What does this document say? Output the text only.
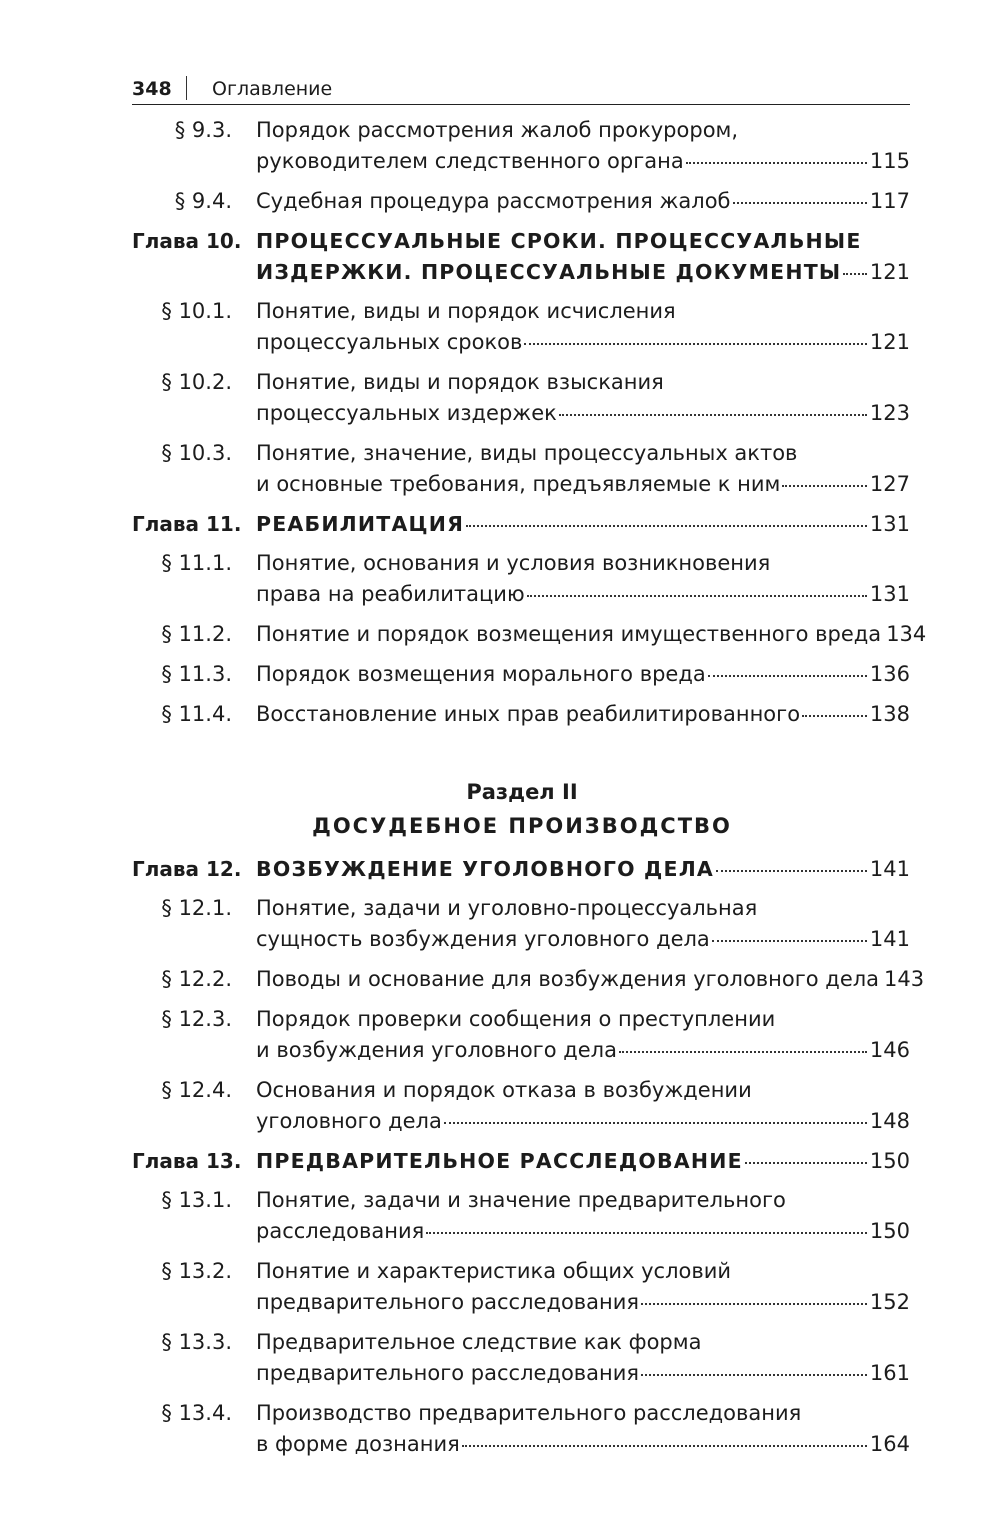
348 Оглавление
§ 9.3. Порядок рассмотрения жалоб прокурором,
руководителем следственного органа	115
§ 9.4. Судебная процедура рассмотрения жалоб	117
Глава 10. ПРОЦЕССУАЛЬНЫЕ СРОКИ. ПРОЦЕССУАЛЬНЫЕ
ИЗДЕРЖКИ. ПРОЦЕССУАЛЬНЫЕ ДОКУМЕНТЫ 121
§ 10.1. Понятие, виды и порядок исчисления
процессуальных сроков	121
§ 10.2. Понятие, виды и порядок взыскания
процессуальных издержек	123
§ 10.3. Понятие, значение, виды процессуальных актов
и основные требования, предъявляемые к ним	127
Глава 11. РЕАБИЛИТАЦИЯ	131
§ 11.1. Понятие, основания и условия возникновения
права на реабилитацию	131
§ 11.2. Понятие и порядок возмещения имущественного вреда 134
§ 11.3. Порядок возмещения морального вреда	136
§ 11.4. Восстановление иных прав реабилитированного	138
Раздел II
ДОСУДЕБНОЕ ПРОИЗВОДСТВО
Глава 12. ВОЗБУЖДЕНИЕ УГОЛОВНОГО ДЕЛА	141
§ 12.1. Понятие, задачи и уголовно-процессуальная
сущность возбуждения уголовного дела	141
§ 12.2. Поводы и основание для возбуждения уголовного дела 143
§ 12.3. Порядок проверки сообщения о преступлении
и возбуждения уголовного дела	146
§ 12.4. Основания и порядок отказа в возбуждении
уголовного дела	148
Глава 13. ПРЕДВАРИТЕЛЬНОЕ РАССЛЕДОВАНИЕ	150
§ 13.1. Понятие, задачи и значение предварительного
расследования	150
§ 13.2. Понятие и характеристика общих условий
предварительного расследования	152
§ 13.3. Предварительное следствие как форма
предварительного расследования	161
§ 13.4. Производство предварительного расследования
в форме дознания	164
